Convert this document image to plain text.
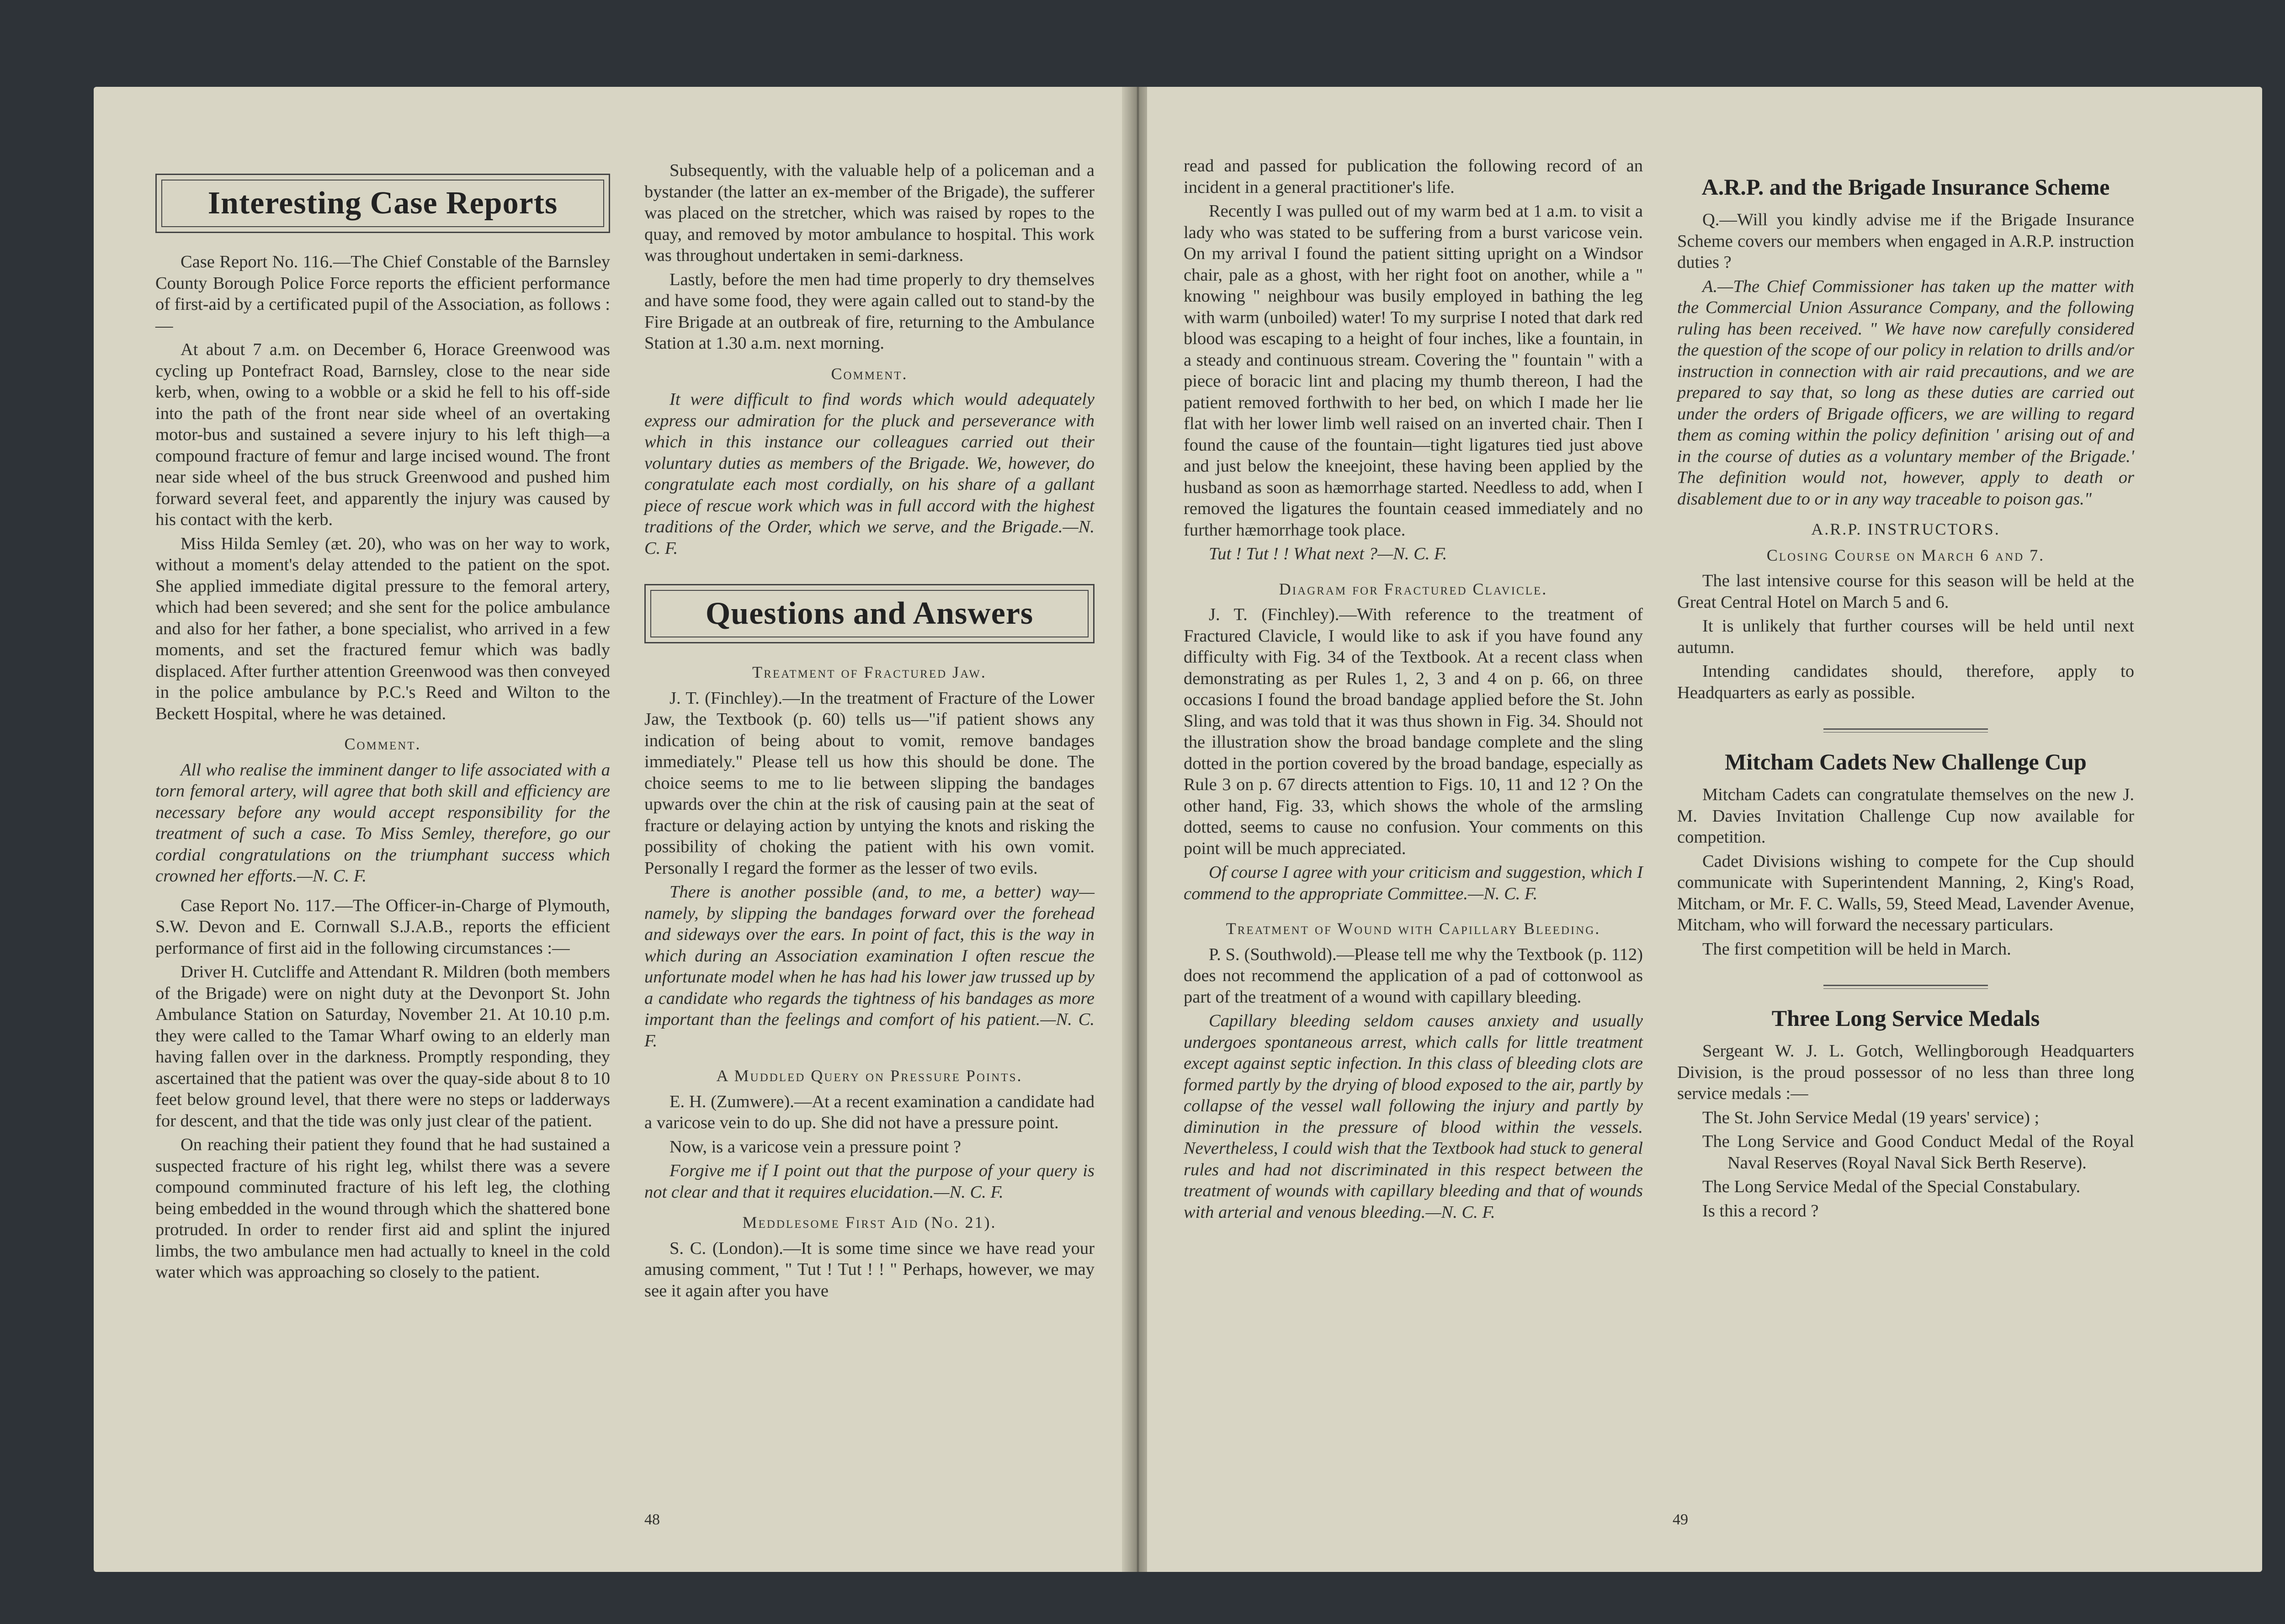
Interesting Case Reports

Case Report No. 116.—The Chief Constable of the Barnsley County Borough Police Force reports the efficient performance of first-aid by a certificated pupil of the Association, as follows :—

At about 7 a.m. on December 6, Horace Greenwood was cycling up Pontefract Road, Barnsley, close to the near side kerb, when, owing to a wobble or a skid he fell to his off-side into the path of the front near side wheel of an overtaking motor-bus and sustained a severe injury to his left thigh—a compound fracture of femur and large incised wound. The front near side wheel of the bus struck Greenwood and pushed him forward several feet, and apparently the injury was caused by his contact with the kerb.

Miss Hilda Semley (æt. 20), who was on her way to work, without a moment's delay attended to the patient on the spot. She applied immediate digital pressure to the femoral artery, which had been severed; and she sent for the police ambulance and also for her father, a bone specialist, who arrived in a few moments, and set the fractured femur which was badly displaced. After further attention Greenwood was then conveyed in the police ambulance by P.C.'s Reed and Wilton to the Beckett Hospital, where he was detained.

Comment.

All who realise the imminent danger to life associated with a torn femoral artery, will agree that both skill and efficiency are necessary before any would accept responsibility for the treatment of such a case. To Miss Semley, therefore, go our cordial congratulations on the triumphant success which crowned her efforts.—N. C. F.

Case Report No. 117.—The Officer-in-Charge of Plymouth, S.W. Devon and E. Cornwall S.J.A.B., reports the efficient performance of first aid in the following circumstances :—

Driver H. Cutcliffe and Attendant R. Mildren (both members of the Brigade) were on night duty at the Devonport St. John Ambulance Station on Saturday, November 21. At 10.10 p.m. they were called to the Tamar Wharf owing to an elderly man having fallen over in the darkness. Promptly responding, they ascertained that the patient was over the quay-side about 8 to 10 feet below ground level, that there were no steps or ladderways for descent, and that the tide was only just clear of the patient.

On reaching their patient they found that he had sustained a suspected fracture of his right leg, whilst there was a severe compound comminuted fracture of his left leg, the clothing being embedded in the wound through which the shattered bone protruded. In order to render first aid and splint the injured limbs, the two ambulance men had actually to kneel in the cold water which was approaching so closely to the patient.

Subsequently, with the valuable help of a policeman and a bystander (the latter an ex-member of the Brigade), the sufferer was placed on the stretcher, which was raised by ropes to the quay, and removed by motor ambulance to hospital. This work was throughout undertaken in semi-darkness.

Lastly, before the men had time properly to dry themselves and have some food, they were again called out to stand-by the Fire Brigade at an outbreak of fire, returning to the Ambulance Station at 1.30 a.m. next morning.

Comment.

It were difficult to find words which would adequately express our admiration for the pluck and perseverance with which in this instance our colleagues carried out their voluntary duties as members of the Brigade. We, however, do congratulate each most cordially, on his share of a gallant piece of rescue work which was in full accord with the highest traditions of the Order, which we serve, and the Brigade.—N. C. F.

Questions and Answers
Treatment of Fractured Jaw.

J. T. (Finchley).—In the treatment of Fracture of the Lower Jaw, the Textbook (p. 60) tells us—"if patient shows any indication of being about to vomit, remove bandages immediately." Please tell us how this should be done. The choice seems to me to lie between slipping the bandages upwards over the chin at the risk of causing pain at the seat of fracture or delaying action by untying the knots and risking the possibility of choking the patient with his own vomit. Personally I regard the former as the lesser of two evils.

There is another possible (and, to me, a better) way—namely, by slipping the bandages forward over the forehead and sideways over the ears. In point of fact, this is the way in which during an Association examination I often rescue the unfortunate model when he has had his lower jaw trussed up by a candidate who regards the tightness of his bandages as more important than the feelings and comfort of his patient.—N. C. F.

A Muddled Query on Pressure Points.

E. H. (Zumwere).—At a recent examination a candidate had a varicose vein to do up. She did not have a pressure point.

Now, is a varicose vein a pressure point ?

Forgive me if I point out that the purpose of your query is not clear and that it requires elucidation.—N. C. F.

Meddlesome First Aid (No. 21).

S. C. (London).—It is some time since we have read your amusing comment, " Tut ! Tut ! ! " Perhaps, however, we may see it again after you have

48

read and passed for publication the following record of an incident in a general practitioner's life.

Recently I was pulled out of my warm bed at 1 a.m. to visit a lady who was stated to be suffering from a burst varicose vein. On my arrival I found the patient sitting upright on a Windsor chair, pale as a ghost, with her right foot on another, while a " knowing " neighbour was busily employed in bathing the leg with warm (unboiled) water! To my surprise I noted that dark red blood was escaping to a height of four inches, like a fountain, in a steady and continuous stream. Covering the " fountain " with a piece of boracic lint and placing my thumb thereon, I had the patient removed forthwith to her bed, on which I made her lie flat with her lower limb well raised on an inverted chair. Then I found the cause of the fountain—tight ligatures tied just above and just below the kneejoint, these having been applied by the husband as soon as hæmorrhage started. Needless to add, when I removed the ligatures the fountain ceased immediately and no further hæmorrhage took place.

Tut ! Tut ! ! What next ?—N. C. F.

Diagram for Fractured Clavicle.

J. T. (Finchley).—With reference to the treatment of Fractured Clavicle, I would like to ask if you have found any difficulty with Fig. 34 of the Textbook. At a recent class when demonstrating as per Rules 1, 2, 3 and 4 on p. 66, on three occasions I found the broad bandage applied before the St. John Sling, and was told that it was thus shown in Fig. 34. Should not the illustration show the broad bandage complete and the sling dotted in the portion covered by the broad bandage, especially as Rule 3 on p. 67 directs attention to Figs. 10, 11 and 12 ? On the other hand, Fig. 33, which shows the whole of the armsling dotted, seems to cause no confusion. Your comments on this point will be much appreciated.

Of course I agree with your criticism and suggestion, which I commend to the appropriate Committee.—N. C. F.

Treatment of Wound with Capillary Bleeding.

P. S. (Southwold).—Please tell me why the Textbook (p. 112) does not recommend the application of a pad of cottonwool as part of the treatment of a wound with capillary bleeding.

Capillary bleeding seldom causes anxiety and usually undergoes spontaneous arrest, which calls for little treatment except against septic infection. In this class of bleeding clots are formed partly by the drying of blood exposed to the air, partly by collapse of the vessel wall following the injury and partly by diminution in the pressure of blood within the vessels. Nevertheless, I could wish that the Textbook had stuck to general rules and had not discriminated in this respect between the treatment of wounds with capillary bleeding and that of wounds with arterial and venous bleeding.—N. C. F.

A.R.P. and the Brigade Insurance Scheme

Q.—Will you kindly advise me if the Brigade Insurance Scheme covers our members when engaged in A.R.P. instruction duties ?

A.—The Chief Commissioner has taken up the matter with the Commercial Union Assurance Company, and the following ruling has been received. " We have now carefully considered the question of the scope of our policy in relation to drills and/or instruction in connection with air raid precautions, and we are prepared to say that, so long as these duties are carried out under the orders of Brigade officers, we are willing to regard them as coming within the policy definition ' arising out of and in the course of duties as a voluntary member of the Brigade.' The definition would not, however, apply to death or disablement due to or in any way traceable to poison gas."

A.R.P. INSTRUCTORS.
Closing Course on March 6 and 7.

The last intensive course for this season will be held at the Great Central Hotel on March 5 and 6.

It is unlikely that further courses will be held until next autumn.

Intending candidates should, therefore, apply to Headquarters as early as possible.

Mitcham Cadets New Challenge Cup

Mitcham Cadets can congratulate themselves on the new J. M. Davies Invitation Challenge Cup now available for competition.

Cadet Divisions wishing to compete for the Cup should communicate with Superintendent Manning, 2, King's Road, Mitcham, or Mr. F. C. Walls, 59, Steed Mead, Lavender Avenue, Mitcham, who will forward the necessary particulars.

The first competition will be held in March.

Three Long Service Medals

Sergeant W. J. L. Gotch, Wellingborough Headquarters Division, is the proud possessor of no less than three long service medals :—

The St. John Service Medal (19 years' service) ;

The Long Service and Good Conduct Medal of the Royal Naval Reserves (Royal Naval Sick Berth Reserve).

The Long Service Medal of the Special Constabulary.

Is this a record ?

49
